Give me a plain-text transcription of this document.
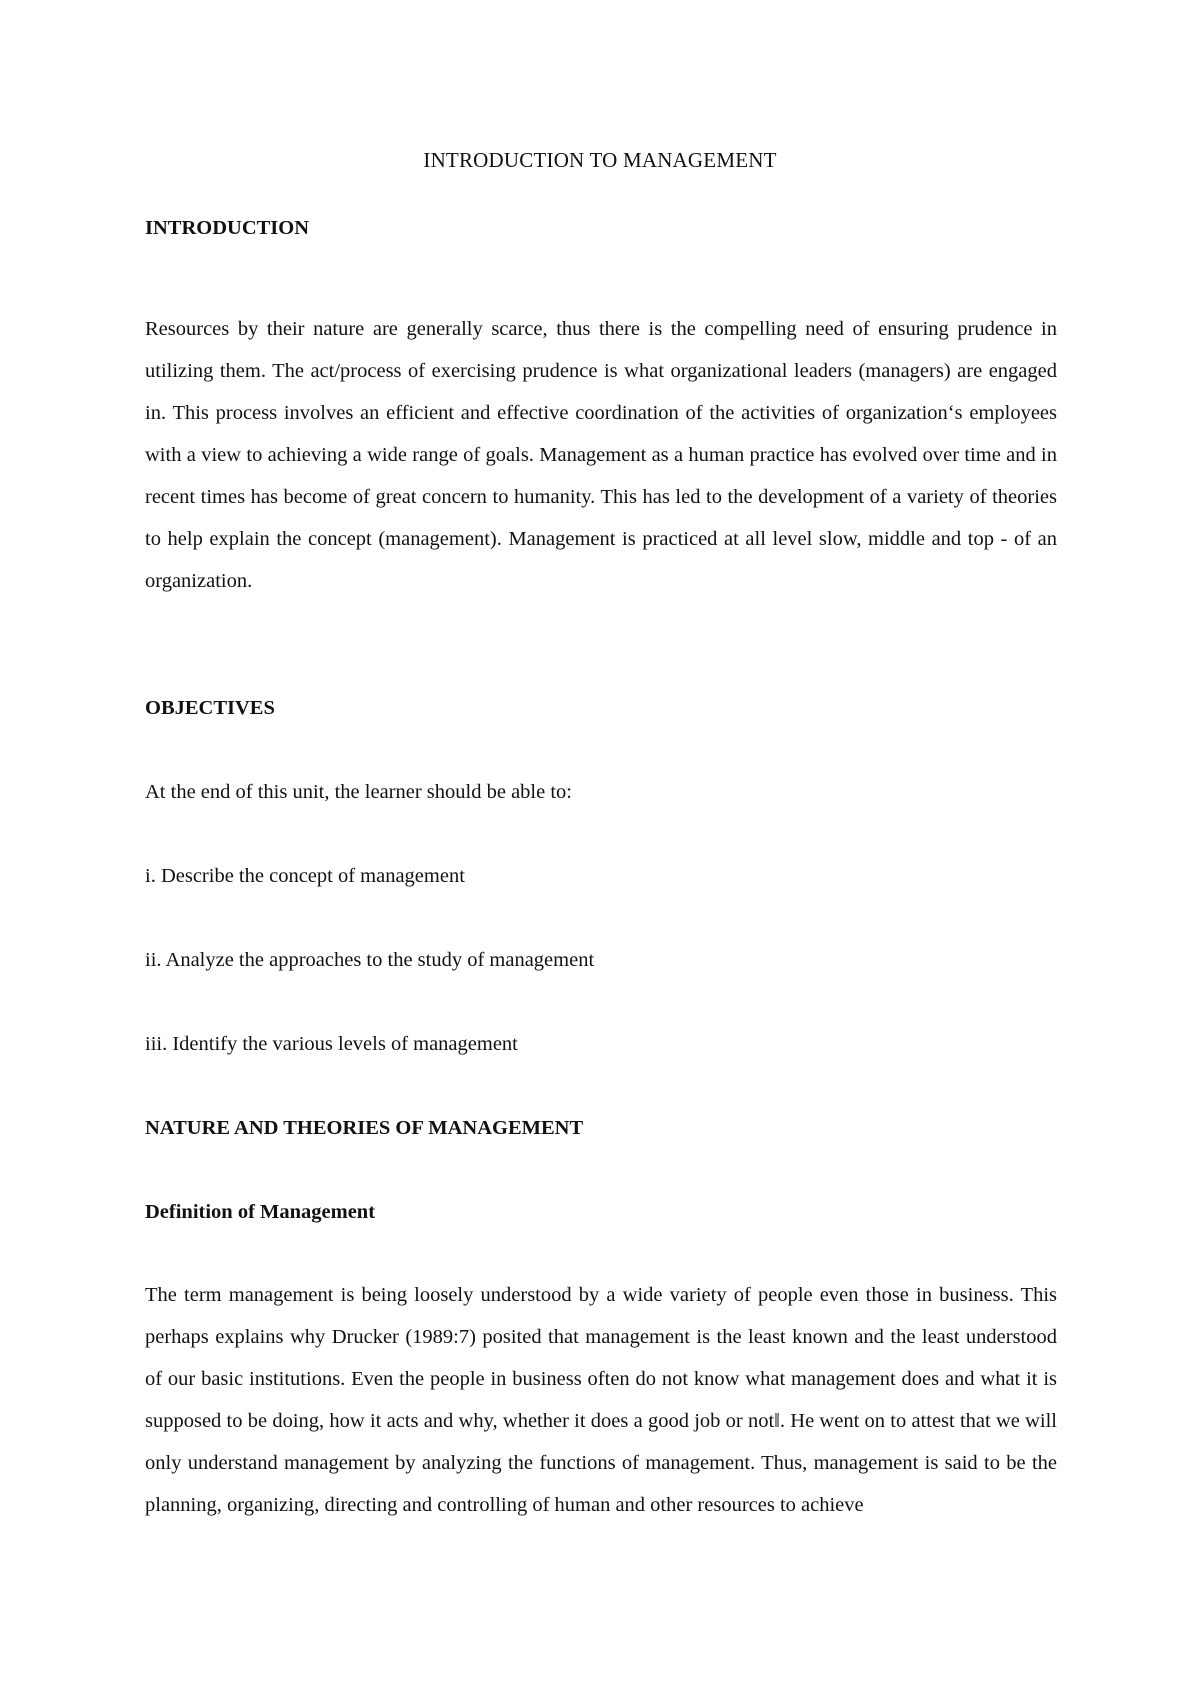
INTRODUCTION TO MANAGEMENT
INTRODUCTION

Resources by their nature are generally scarce, thus there is the compelling need of ensuring prudence in utilizing them. The act/process of exercising prudence is what organizational leaders (managers) are engaged in. This process involves an efficient and effective coordination of the activities of organization‘s employees with a view to achieving a wide range of goals. Management as a human practice has evolved over time and in recent times has become of great concern to humanity. This has led to the development of a variety of theories to help explain the concept (management). Management is practiced at all level slow, middle and top - of an organization.

OBJECTIVES

At the end of this unit, the learner should be able to:

i. Describe the concept of management

ii. Analyze the approaches to the study of management

iii. Identify the various levels of management

NATURE AND THEORIES OF MANAGEMENT
Definition of Management

The term management is being loosely understood by a wide variety of people even those in business. This perhaps explains why Drucker (1989:7) posited that management is the least known and the least understood of our basic institutions. Even the people in business often do not know what management does and what it is supposed to be doing, how it acts and why, whether it does a good job or not‖. He went on to attest that we will only understand management by analyzing the functions of management. Thus, management is said to be the planning, organizing, directing and controlling of human and other resources to achieve
